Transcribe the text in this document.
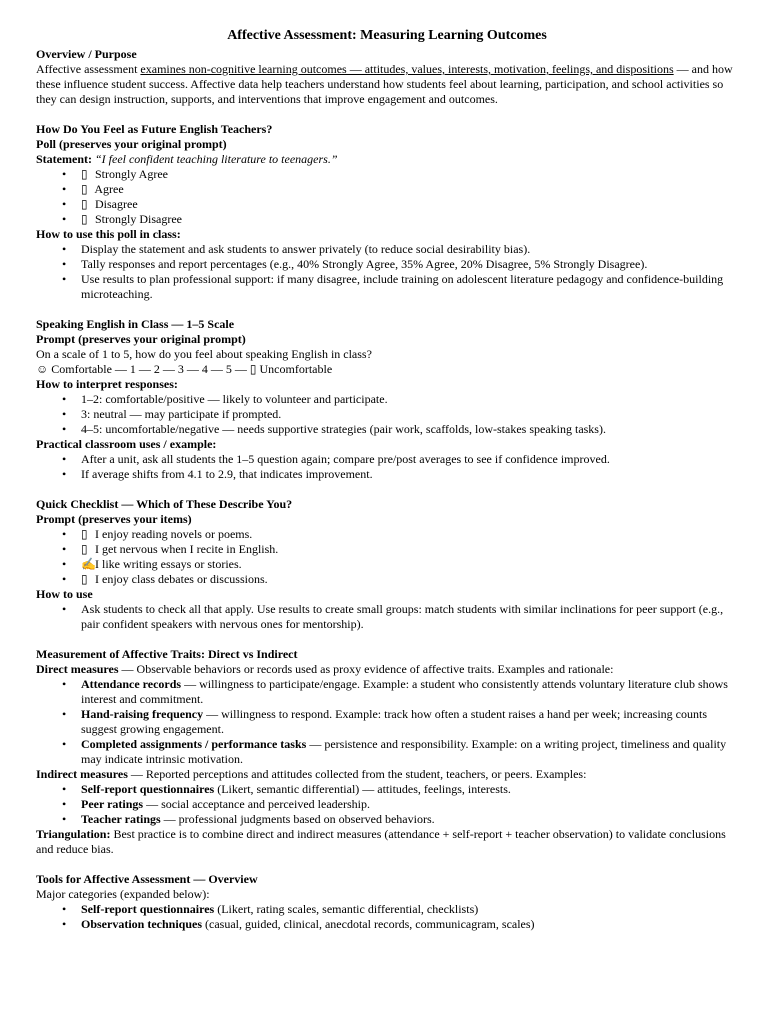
Affective Assessment: Measuring Learning Outcomes

Overview / Purpose

Affective assessment examines non-cognitive learning outcomes — attitudes, values, interests, motivation, feelings, and dispositions — and how these influence student success. Affective data help teachers understand how students feel about learning, participation, and school activities so they can design instruction, supports, and interventions that improve engagement and outcomes.

How Do You Feel as Future English Teachers?

Poll (preserves your original prompt)

Statement: “I feel confident teaching literature to teenagers.”

• ▯ Strongly Agree
• ▯ Agree
• ▯ Disagree
• ▯ Strongly Disagree

How to use this poll in class:

• Display the statement and ask students to answer privately (to reduce social desirability bias).
• Tally responses and report percentages (e.g., 40% Strongly Agree, 35% Agree, 20% Disagree, 5% Strongly Disagree).
• Use results to plan professional support: if many disagree, include training on adolescent literature pedagogy and confidence-building microteaching.

Speaking English in Class — 1–5 Scale

Prompt (preserves your original prompt)

On a scale of 1 to 5, how do you feel about speaking English in class?

☺ Comfortable — 1 — 2 — 3 — 4 — 5 — ▯ Uncomfortable

How to interpret responses:

• 1–2: comfortable/positive — likely to volunteer and participate.
• 3: neutral — may participate if prompted.
• 4–5: uncomfortable/negative — needs supportive strategies (pair work, scaffolds, low-stakes speaking tasks).

Practical classroom uses / example:

• After a unit, ask all students the 1–5 question again; compare pre/post averages to see if confidence improved.
• If average shifts from 4.1 to 2.9, that indicates improvement.

Quick Checklist — Which of These Describe You?

Prompt (preserves your items)

• ▯ I enjoy reading novels or poems.
• ▯ I get nervous when I recite in English.
• ✍ I like writing essays or stories.
• ▯ I enjoy class debates or discussions.

How to use

• Ask students to check all that apply. Use results to create small groups: match students with similar inclinations for peer support (e.g., pair confident speakers with nervous ones for mentorship).

Measurement of Affective Traits: Direct vs Indirect

Direct measures — Observable behaviors or records used as proxy evidence of affective traits. Examples and rationale:

• Attendance records — willingness to participate/engage. Example: a student who consistently attends voluntary literature club shows interest and commitment.
• Hand-raising frequency — willingness to respond. Example: track how often a student raises a hand per week; increasing counts suggest growing engagement.
• Completed assignments / performance tasks — persistence and responsibility. Example: on a writing project, timeliness and quality may indicate intrinsic motivation.

Indirect measures — Reported perceptions and attitudes collected from the student, teachers, or peers. Examples:

• Self-report questionnaires (Likert, semantic differential) — attitudes, feelings, interests.
• Peer ratings — social acceptance and perceived leadership.
• Teacher ratings — professional judgments based on observed behaviors.

Triangulation: Best practice is to combine direct and indirect measures (attendance + self-report + teacher observation) to validate conclusions and reduce bias.

Tools for Affective Assessment — Overview

Major categories (expanded below):

• Self-report questionnaires (Likert, rating scales, semantic differential, checklists)
• Observation techniques (casual, guided, clinical, anecdotal records, communicagram, scales)
